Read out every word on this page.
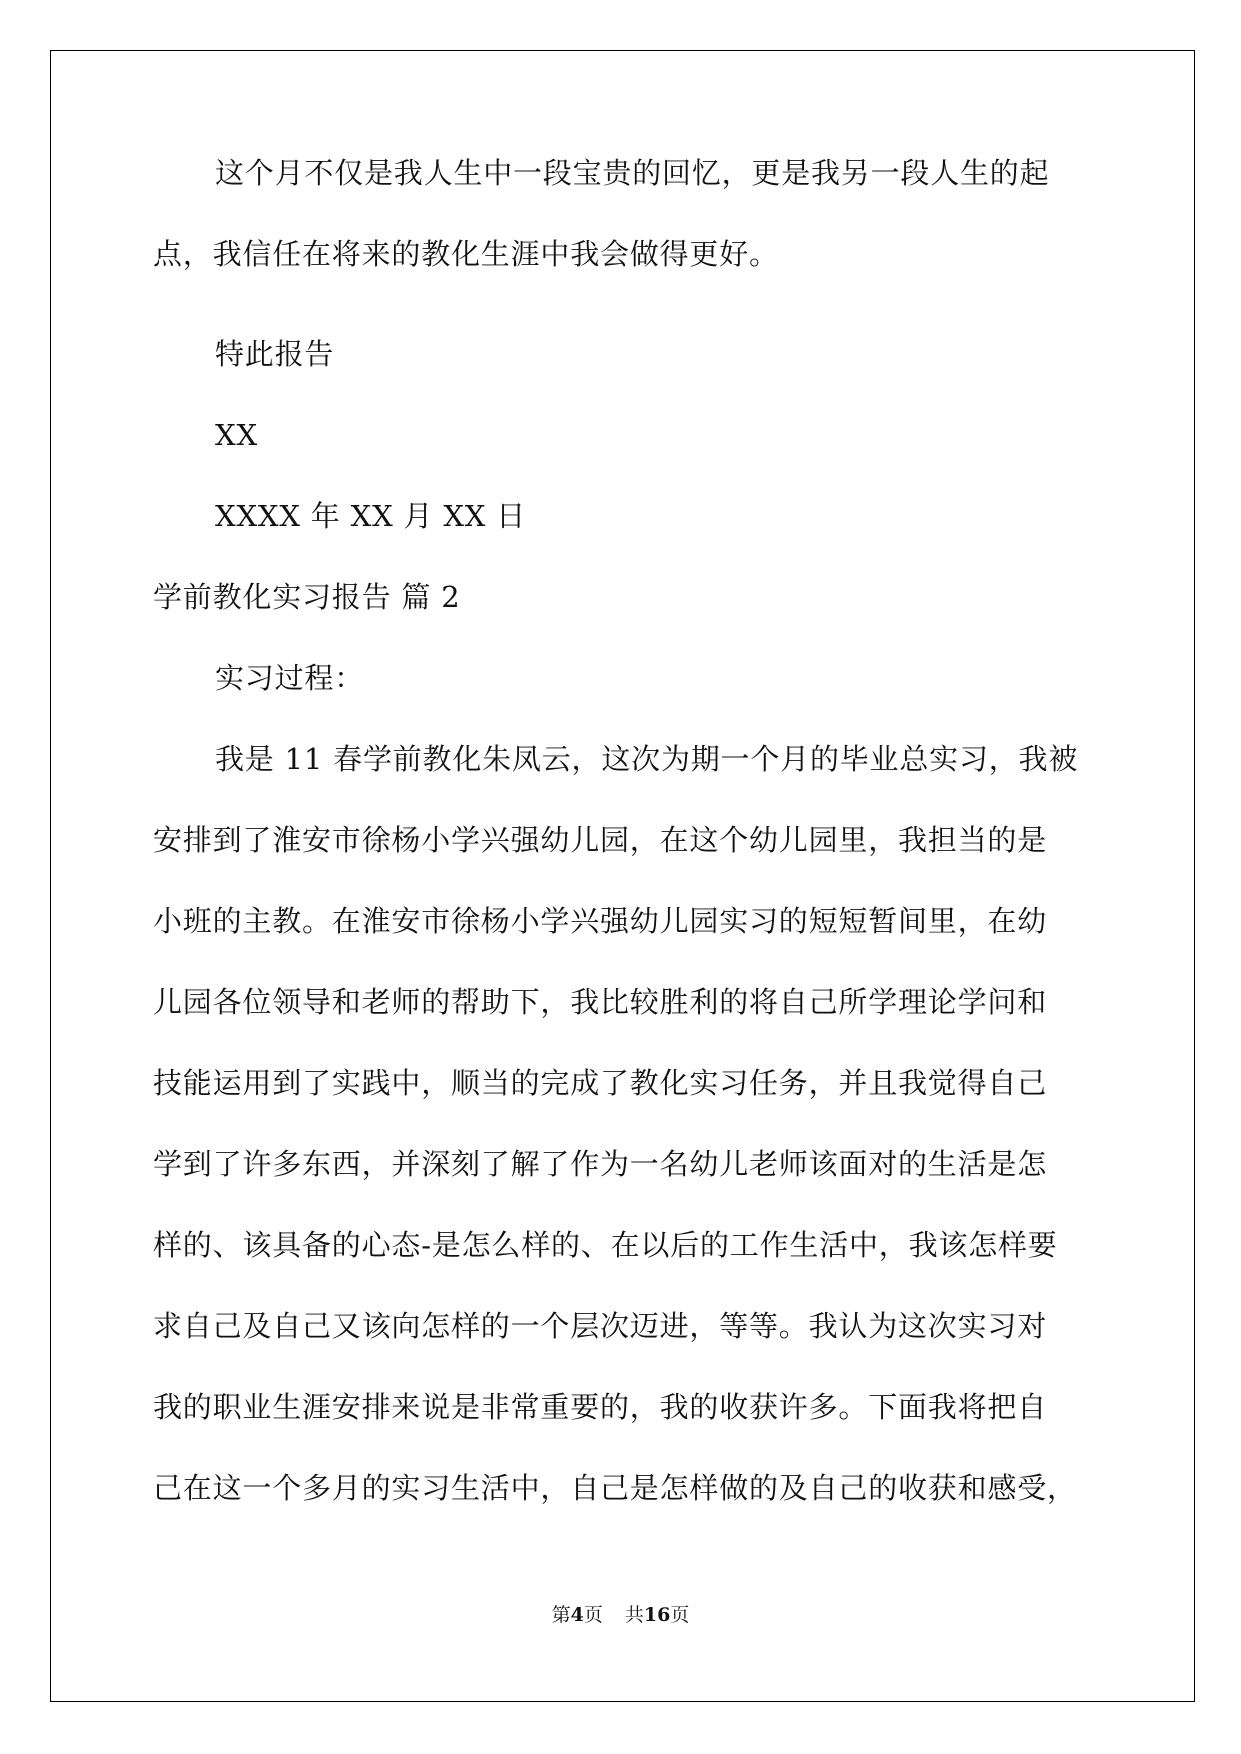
这个月不仅是我人生中一段宝贵的回忆，更是我另一段人生的起
点，我信任在将来的教化生涯中我会做得更好。
特此报告
XX
XXXX 年 XX 月 XX 日
学前教化实习报告 篇 2
实习过程：
我是 11 春学前教化朱凤云，这次为期一个月的毕业总实习，我被
安排到了淮安市徐杨小学兴强幼儿园，在这个幼儿园里，我担当的是
小班的主教。在淮安市徐杨小学兴强幼儿园实习的短短暂间里，在幼
儿园各位领导和老师的帮助下，我比较胜利的将自己所学理论学问和
技能运用到了实践中，顺当的完成了教化实习任务，并且我觉得自己
学到了许多东西，并深刻了解了作为一名幼儿老师该面对的生活是怎
样的、该具备的心态-是怎么样的、在以后的工作生活中，我该怎样要
求自己及自己又该向怎样的一个层次迈进，等等。我认为这次实习对
我的职业生涯安排来说是非常重要的，我的收获许多。下面我将把自
己在这一个多月的实习生活中，自己是怎样做的及自己的收获和感受，
第4页 共16页
